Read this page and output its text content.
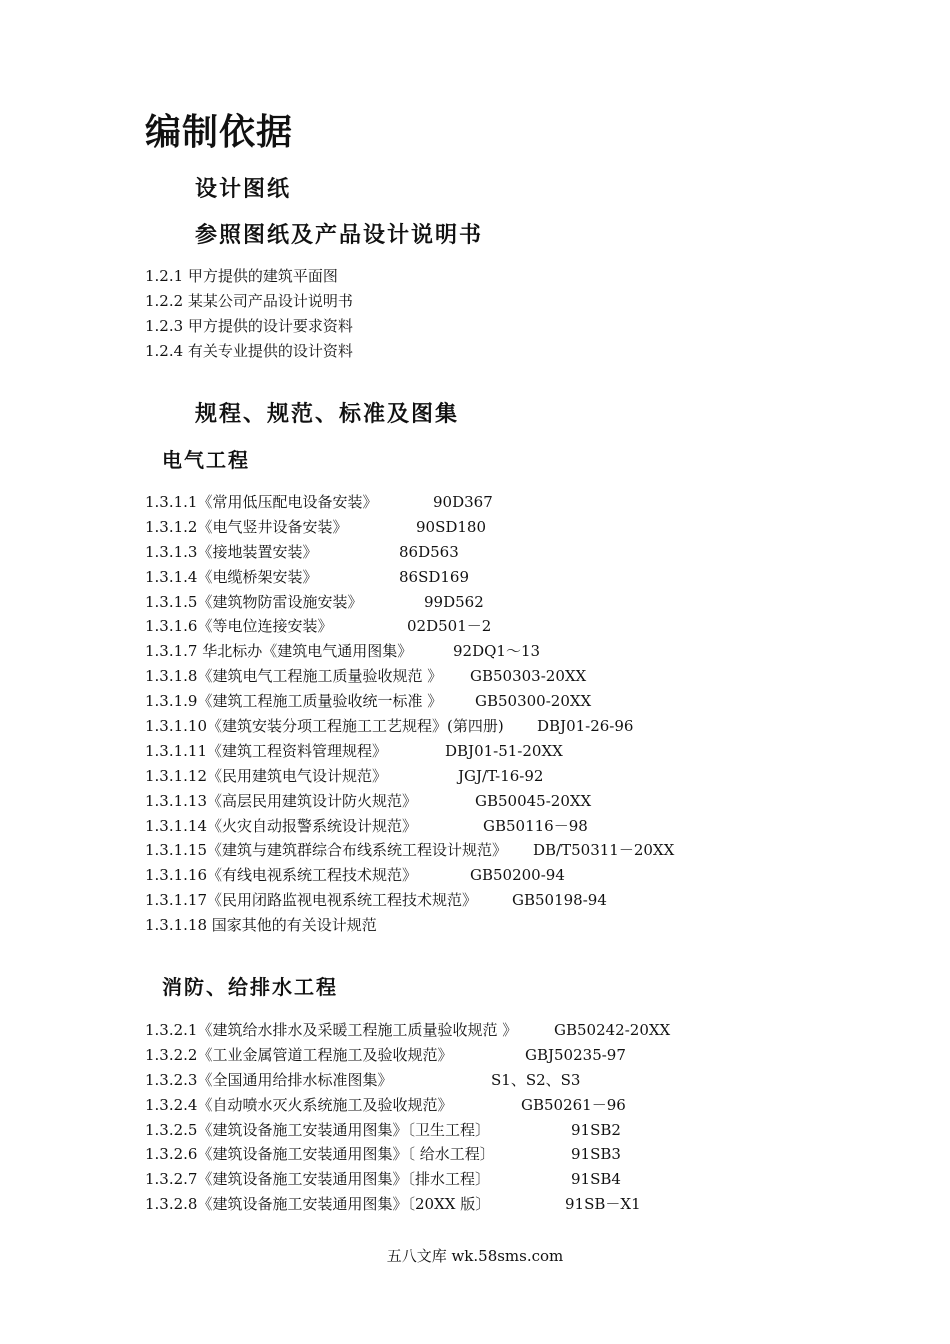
编制依据
设计图纸
参照图纸及产品设计说明书
1.2.1 甲方提供的建筑平面图
1.2.2 某某公司产品设计说明书
1.2.3 甲方提供的设计要求资料
1.2.4 有关专业提供的设计资料
规程、规范、标准及图集
电气工程
1.3.1.1《常用低压配电设备安装》	90D367
1.3.1.2《电气竖井设备安装》	90SD180
1.3.1.3《接地装置安装》	86D563
1.3.1.4《电缆桥架安装》	86SD169
1.3.1.5《建筑物防雷设施安装》	99D562
1.3.1.6《等电位连接安装》	02D501－2
1.3.1.7 华北标办《建筑电气通用图集》	92DQ1～13
1.3.1.8《建筑电气工程施工质量验收规范 》 GB50303-20XX
1.3.1.9《建筑工程施工质量验收统一标准 》 GB50300-20XX
1.3.1.10《建筑安装分项工程施工工艺规程》(第四册) DBJ01-26-96
1.3.1.11《建筑工程资料管理规程》	DBJ01-51-20XX
1.3.1.12《民用建筑电气设计规范》	JGJ/T-16-92
1.3.1.13《高层民用建筑设计防火规范》	GB50045-20XX
1.3.1.14《火灾自动报警系统设计规范》	GB50116－98
1.3.1.15《建筑与建筑群综合布线系统工程设计规范》 DB/T50311－20XX
1.3.1.16《有线电视系统工程技术规范》	GB50200-94
1.3.1.17《民用闭路监视电视系统工程技术规范》 GB50198-94
1.3.1.18 国家其他的有关设计规范
消防、给排水工程
1.3.2.1《建筑给水排水及采暖工程施工质量验收规范 》 GB50242-20XX
1.3.2.2《工业金属管道工程施工及验收规范》	GBJ50235-97
1.3.2.3《全国通用给排水标准图集》	S1、S2、S3
1.3.2.4《自动喷水灭火系统施工及验收规范》	GB50261－96
1.3.2.5《建筑设备施工安装通用图集》〔卫生工程〕	91SB2
1.3.2.6《建筑设备施工安装通用图集》〔 给水工程〕	91SB3
1.3.2.7《建筑设备施工安装通用图集》〔排水工程〕	91SB4
1.3.2.8《建筑设备施工安装通用图集》〔20XX 版〕	91SB－X1
五八文库 wk.58sms.com
